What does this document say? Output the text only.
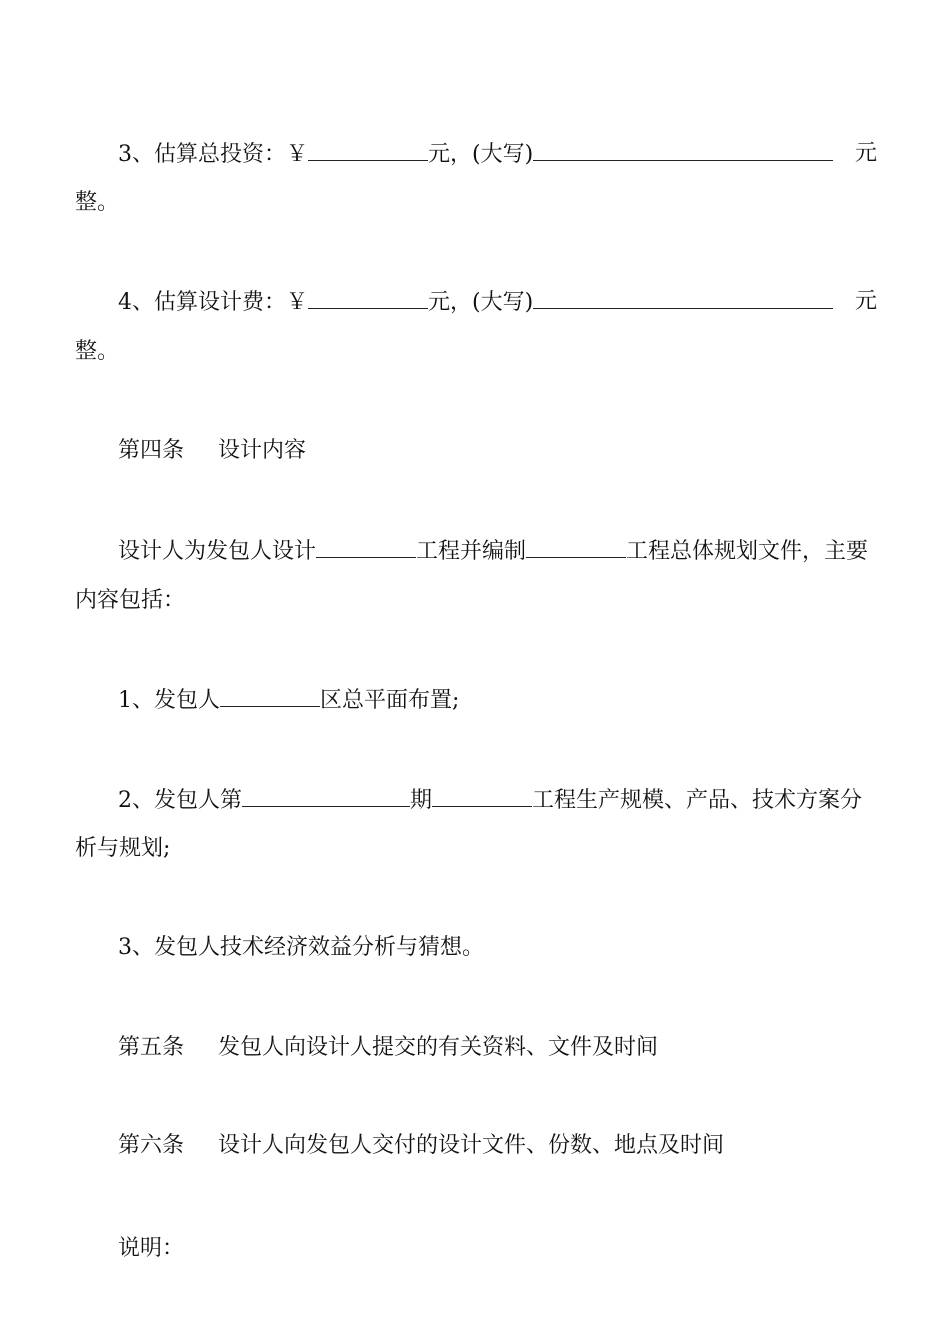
3、估算总投资：￥	元，(大写)	元
整。
4、估算设计费：￥	元，(大写)	元
整。
第四条 设计内容
设计人为发包人设计	工程并编制	工程总体规划文件，主要
内容包括：
1、发包人	区总平面布置;
2、发包人第	期	工程生产规模、产品、技术方案分
析与规划;
3、发包人技术经济效益分析与猜想。
第五条 发包人向设计人提交的有关资料、文件及时间
第六条 设计人向发包人交付的设计文件、份数、地点及时间
说明：
